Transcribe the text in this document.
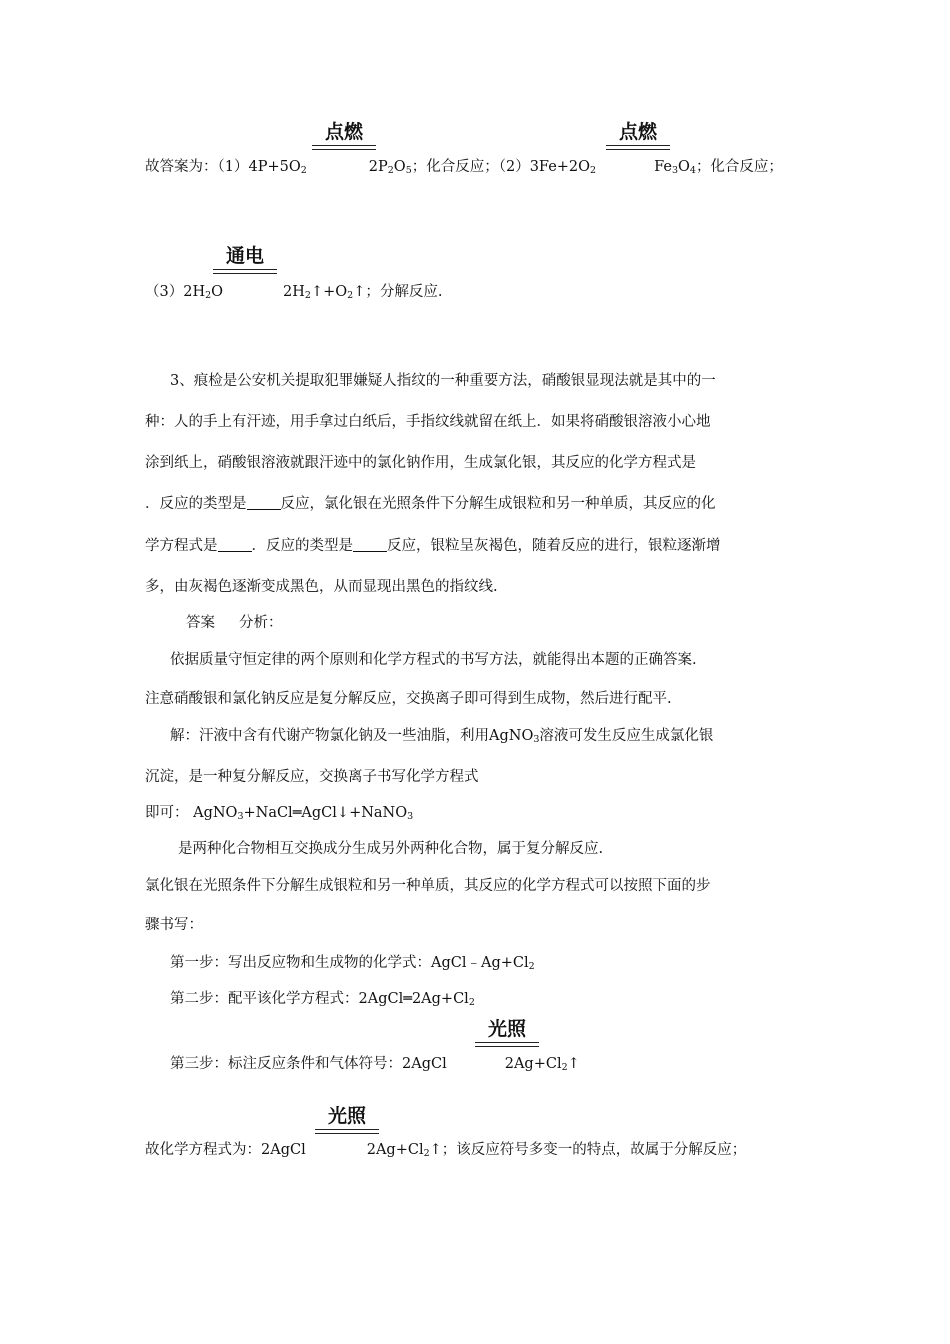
点燃	点燃
故答案为：$(1)4P+5O_2$	$2P_2O_5$；化合反应；$(2)3Fe+2O_2$	$Fe_3O_4$；化合反应；
通电
$(3)2H_2O$	$2H_2↑+O_2↑$；分解反应.
3、痕检是公安机关提取犯罪嫌疑人指纹的一种重要方法，硝酸银显现法就是其中的一
种：人的手上有汗迹，用手拿过白纸后，手指纹线就留在纸上．如果将硝酸银溶液小心地
涂到纸上，硝酸银溶液就跟汗迹中的氯化钠作用，生成氯化银，其反应的化学方程式是
．反应的类型是 反应，氯化银在光照条件下分解生成银粒和另一种单质，其反应的化
学方程式是 ．反应的类型是 反应，银粒呈灰褐色，随着反应的进行，银粒逐渐增
多，由灰褐色逐渐变成黑色，从而显现出黑色的指纹线.
答案 分析：
依据质量守恒定律的两个原则和化学方程式的书写方法，就能得出本题的正确答案.
注意硝酸银和氯化钠反应是复分解反应，交换离子即可得到生成物，然后进行配平.
解：汗液中含有代谢产物氯化钠及一些油脂，利用AgNO$_3$溶液可发生反应生成氯化银
沉淀，是一种复分解反应，交换离子书写化学方程式
即可： AgNO$_3$+NaCl═AgCl↓+NaNO$_3$
是两种化合物相互交换成分生成另外两种化合物，属于复分解反应.
氯化银在光照条件下分解生成银粒和另一种单质，其反应的化学方程式可以按照下面的步
骤书写：
第一步：写出反应物和生成物的化学式：$AgCl﹣Ag+Cl_2$
第二步：配平该化学方程式：$2AgCl═2Ag+Cl_2$
光照
第三步：标注反应条件和气体符号：2AgCl	$2Ag+Cl_2↑$
光照
故化学方程式为：2AgCl	$2Ag+Cl_2↑$；该反应符号多变一的特点，故属于分解反应；
